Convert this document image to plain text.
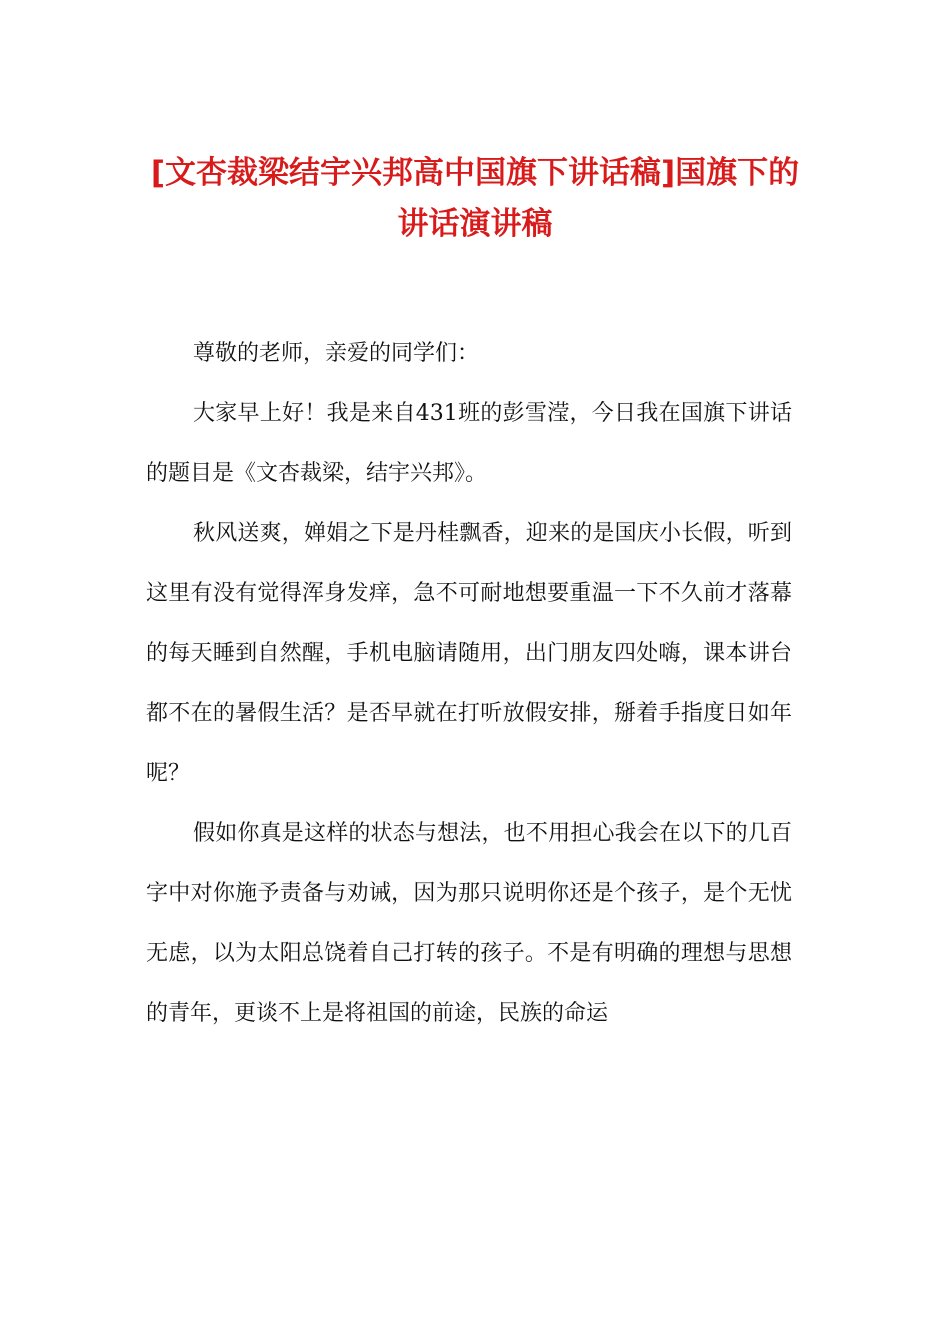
[文杏裁梁结宇兴邦高中国旗下讲话稿]国旗下的讲话演讲稿

尊敬的老师，亲爱的同学们：

大家早上好！我是来自431班的彭雪滢，今日我在国旗下讲话的题目是《文杏裁梁，结宇兴邦》。

秋风送爽，婵娟之下是丹桂飘香，迎来的是国庆小长假，听到这里有没有觉得浑身发痒，急不可耐地想要重温一下不久前才落幕的每天睡到自然醒，手机电脑请随用，出门朋友四处嗨，课本讲台都不在的暑假生活？是否早就在打听放假安排，掰着手指度日如年呢？

假如你真是这样的状态与想法，也不用担心我会在以下的几百字中对你施予责备与劝诫，因为那只说明你还是个孩子，是个无忧无虑，以为太阳总饶着自己打转的孩子。不是有明确的理想与思想的青年，更谈不上是将祖国的前途，民族的命运
